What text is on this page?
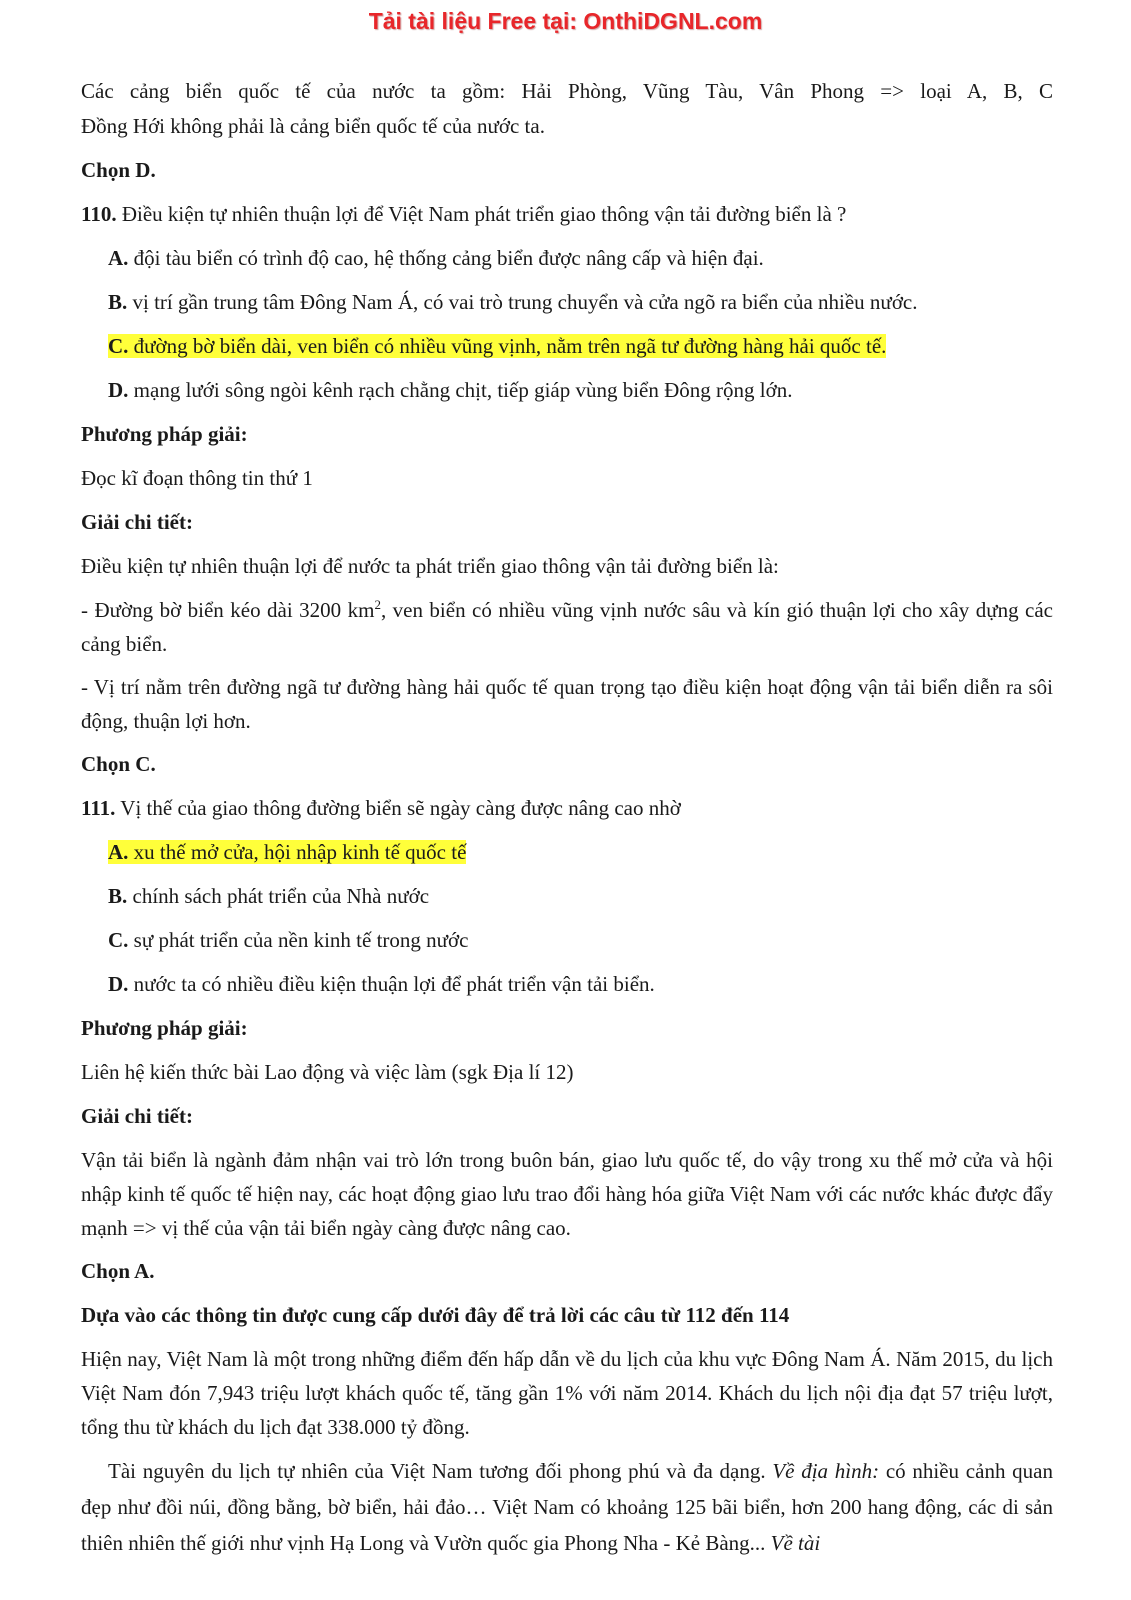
Tải tài liệu Free tại: OnthiDGNL.com
Các cảng biển quốc tế của nước ta gồm: Hải Phòng, Vũng Tàu, Vân Phong => loại A, B, C
Đồng Hới không phải là cảng biển quốc tế của nước ta.
Chọn D.
110. Điều kiện tự nhiên thuận lợi để Việt Nam phát triển giao thông vận tải đường biển là ?
A. đội tàu biển có trình độ cao, hệ thống cảng biển được nâng cấp và hiện đại.
B. vị trí gần trung tâm Đông Nam Á, có vai trò trung chuyển và cửa ngõ ra biển của nhiều nước.
C. đường bờ biển dài, ven biển có nhiều vũng vịnh, nằm trên ngã tư đường hàng hải quốc tế.
D. mạng lưới sông ngòi kênh rạch chằng chịt, tiếp giáp vùng biển Đông rộng lớn.
Phương pháp giải:
Đọc kĩ đoạn thông tin thứ 1
Giải chi tiết:
Điều kiện tự nhiên thuận lợi để nước ta phát triển giao thông vận tải đường biển là:
- Đường bờ biển kéo dài 3200 $km^2$, ven biển có nhiều vũng vịnh nước sâu và kín gió thuận lợi cho xây dựng các cảng biển.
- Vị trí nằm trên đường ngã tư đường hàng hải quốc tế quan trọng tạo điều kiện hoạt động vận tải biển diễn ra sôi động, thuận lợi hơn.
Chọn C.
111. Vị thế của giao thông đường biển sẽ ngày càng được nâng cao nhờ
A. xu thế mở cửa, hội nhập kinh tế quốc tế
B. chính sách phát triển của Nhà nước
C. sự phát triển của nền kinh tế trong nước
D. nước ta có nhiều điều kiện thuận lợi để phát triển vận tải biển.
Phương pháp giải:
Liên hệ kiến thức bài Lao động và việc làm (sgk Địa lí 12)
Giải chi tiết:
Vận tải biển là ngành đảm nhận vai trò lớn trong buôn bán, giao lưu quốc tế, do vậy trong xu thế mở cửa và hội nhập kinh tế quốc tế hiện nay, các hoạt động giao lưu trao đổi hàng hóa giữa Việt Nam với các nước khác được đẩy mạnh => vị thế của vận tải biển ngày càng được nâng cao.
Chọn A.
Dựa vào các thông tin được cung cấp dưới đây để trả lời các câu từ 112 đến 114
Hiện nay, Việt Nam là một trong những điểm đến hấp dẫn về du lịch của khu vực Đông Nam Á. Năm 2015, du lịch Việt Nam đón 7,943 triệu lượt khách quốc tế, tăng gần 1% với năm 2014. Khách du lịch nội địa đạt 57 triệu lượt, tổng thu từ khách du lịch đạt 338.000 tỷ đồng.
Tài nguyên du lịch tự nhiên của Việt Nam tương đối phong phú và đa dạng. Về địa hình: có nhiều cảnh quan đẹp như đồi núi, đồng bằng, bờ biển, hải đảo… Việt Nam có khoảng 125 bãi biển, hơn 200 hang động, các di sản thiên nhiên thế giới như vịnh Hạ Long và Vườn quốc gia Phong Nha - Kẻ Bàng... Về tài
